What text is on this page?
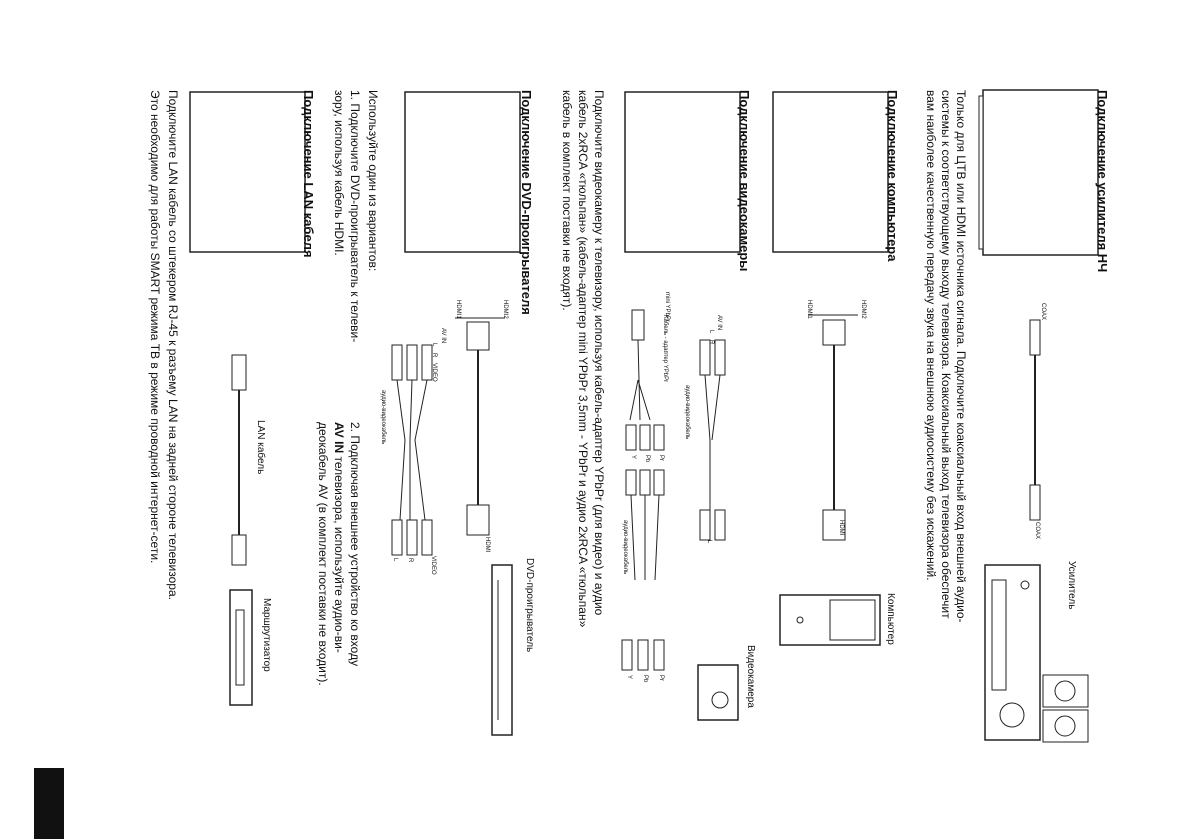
Подключение усилителя НЧ
Только для ЦТВ или HDMI источника сигнала. Подключите коаксиальный вход внешней аудио-
системы к соответствующему выходу телевизора. Коаксиальный выход телевизора обеспечит
вам наиболее качественную передачу звука на внешнюю аудиосистему без искажений.	COAX
COAX
Усилитель
Подключение компьютера
HDMI1	HDMI2
HDMI
Компьютер
Подключение видеокамеры
Подключите видеокамеру к телевизору, используя кабель-адаптер YPbPr (для видео) и аудио
кабель 2xRCA «тюльпан» (кабель-адаптер mini YPbPr 3,5mm - YPbPr и аудио 2xRCA «тюльпан»
кабель в комплект поставки не входят).
AV IN
L
R
аудио-видеокабель
L
mini YPbPr
Кабель - адаптер YPbPr
Y Pb Pr
аудио-видеокабель
Y Pb Pr	Видеокамера
Подключение DVD-проигрывателя
Используйте один из вариантов:
1. Подключите DVD-проигрыватель к телеви-
зору, используя кабель HDMI.
2. Подключая внешнее устройство ко входу
AV IN телевизора, используйте аудио-ви-
деокабель AV (в комплект поставки не входит).
HDMI1	HDMI2
HDMI
AV IN
L
R
VIDEO
аудио-видеокабель
L R	VIDEO	DVD-проигрыватель
Подключение LAN кабеля
LAN кабель
Маршрутизатор
Подключите LAN кабель со штекером RJ-45 к разъему LAN на задней стороне телевизора.
Это необходимо для работы SMART режима ТВ в режиме проводной интернет-сети.
